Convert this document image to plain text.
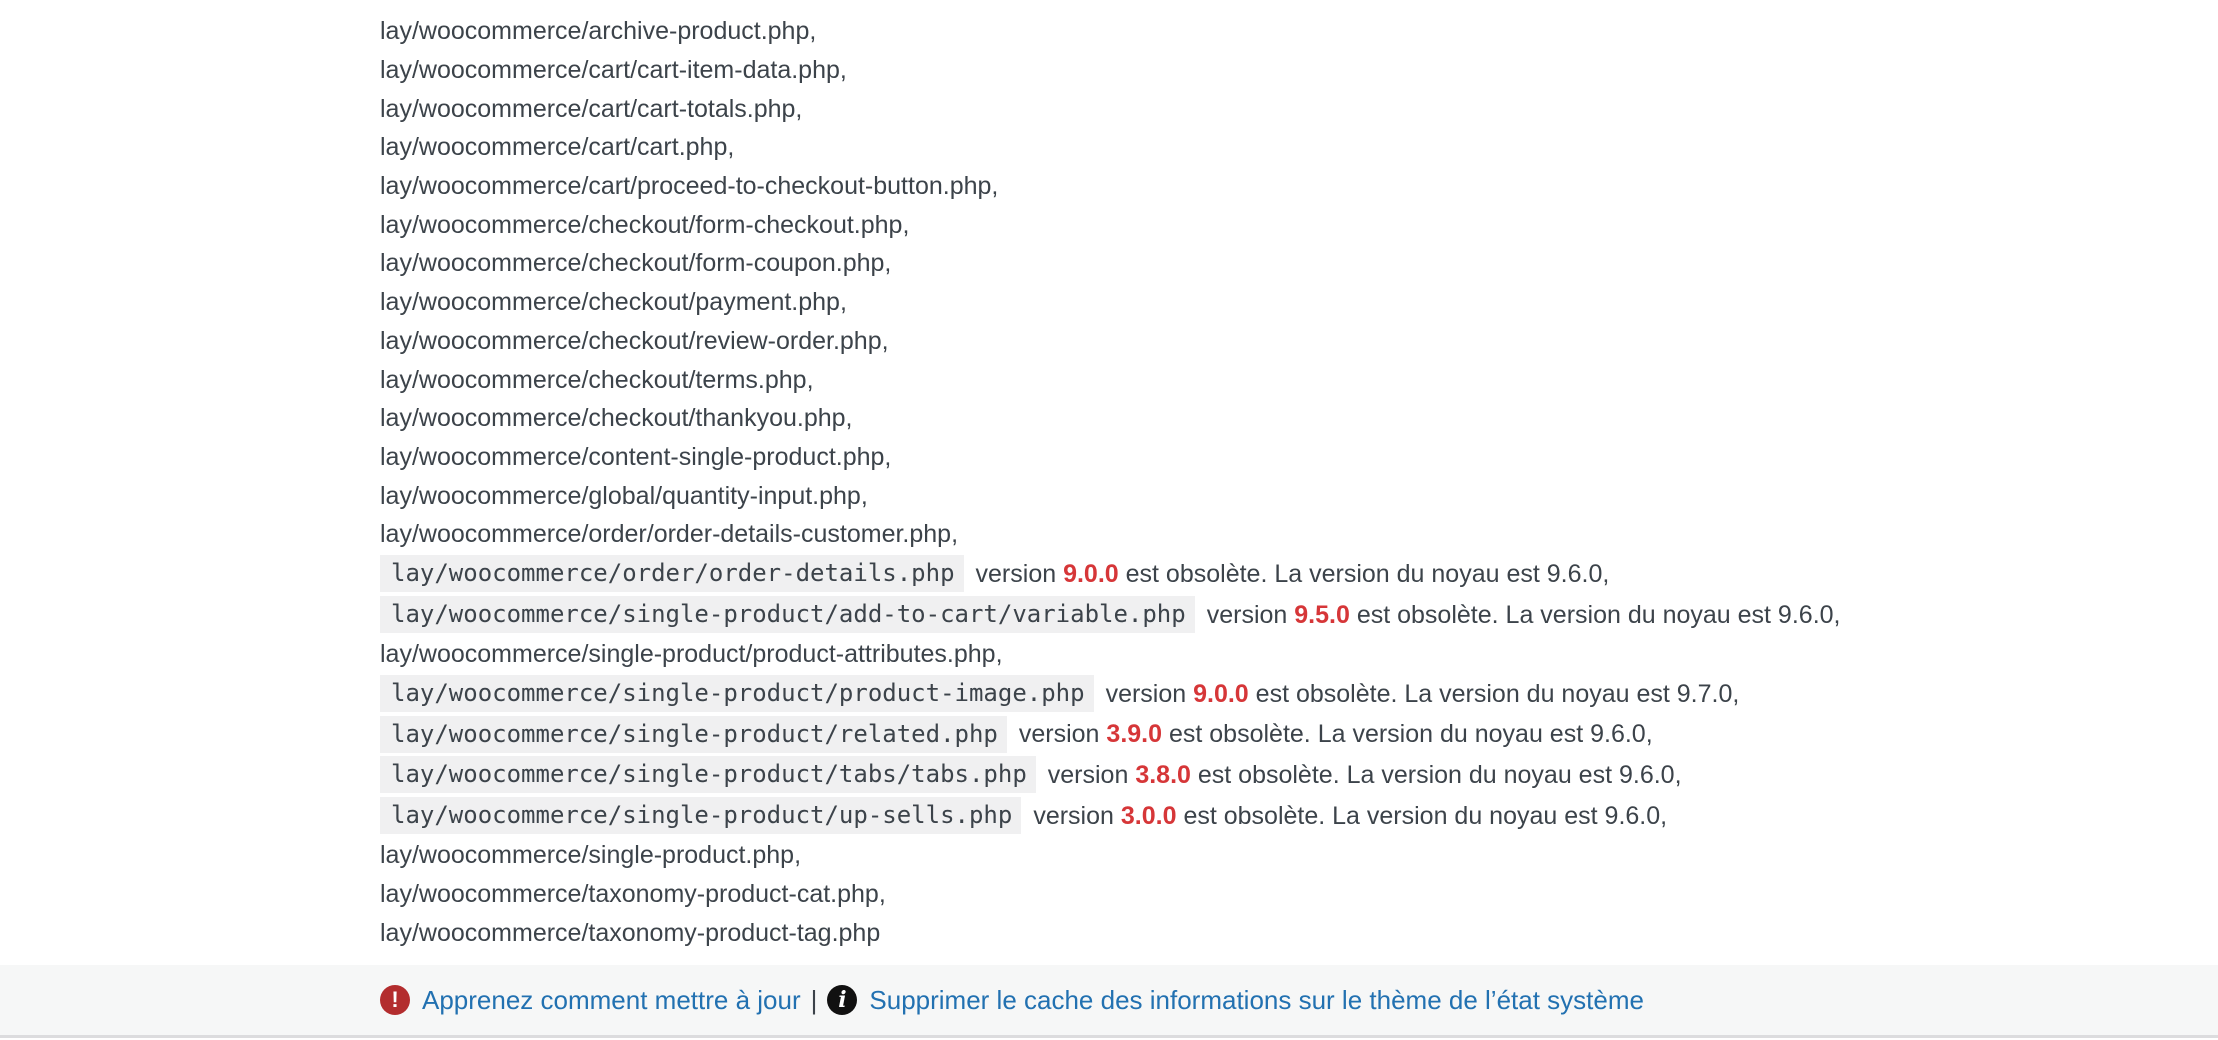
lay/woocommerce/archive-product.php,
lay/woocommerce/cart/cart-item-data.php,
lay/woocommerce/cart/cart-totals.php,
lay/woocommerce/cart/cart.php,
lay/woocommerce/cart/proceed-to-checkout-button.php,
lay/woocommerce/checkout/form-checkout.php,
lay/woocommerce/checkout/form-coupon.php,
lay/woocommerce/checkout/payment.php,
lay/woocommerce/checkout/review-order.php,
lay/woocommerce/checkout/terms.php,
lay/woocommerce/checkout/thankyou.php,
lay/woocommerce/content-single-product.php,
lay/woocommerce/global/quantity-input.php,
lay/woocommerce/order/order-details-customer.php,
lay/woocommerce/order/order-details.php version
9.0.0
est obsolète. La version du noyau est 9.6.0,
lay/woocommerce/single-product/add-to-cart/variable.php version
9.5.0
est obsolète. La version du noyau est 9.6.0,
lay/woocommerce/single-product/product-attributes.php,
lay/woocommerce/single-product/product-image.php version
9.0.0
est obsolète. La version du noyau est 9.7.0,
lay/woocommerce/single-product/related.php version
3.9.0
est obsolète. La version du noyau est 9.6.0,
lay/woocommerce/single-product/tabs/tabs.php version
3.8.0
est obsolète. La version du noyau est 9.6.0,
lay/woocommerce/single-product/up-sells.php version
3.0.0
est obsolète. La version du noyau est 9.6.0,
lay/woocommerce/single-product.php,
lay/woocommerce/taxonomy-product-cat.php,
lay/woocommerce/taxonomy-product-tag.php
! Apprenez comment mettre à jour | i Supprimer le cache des informations sur le thème de l’état système
